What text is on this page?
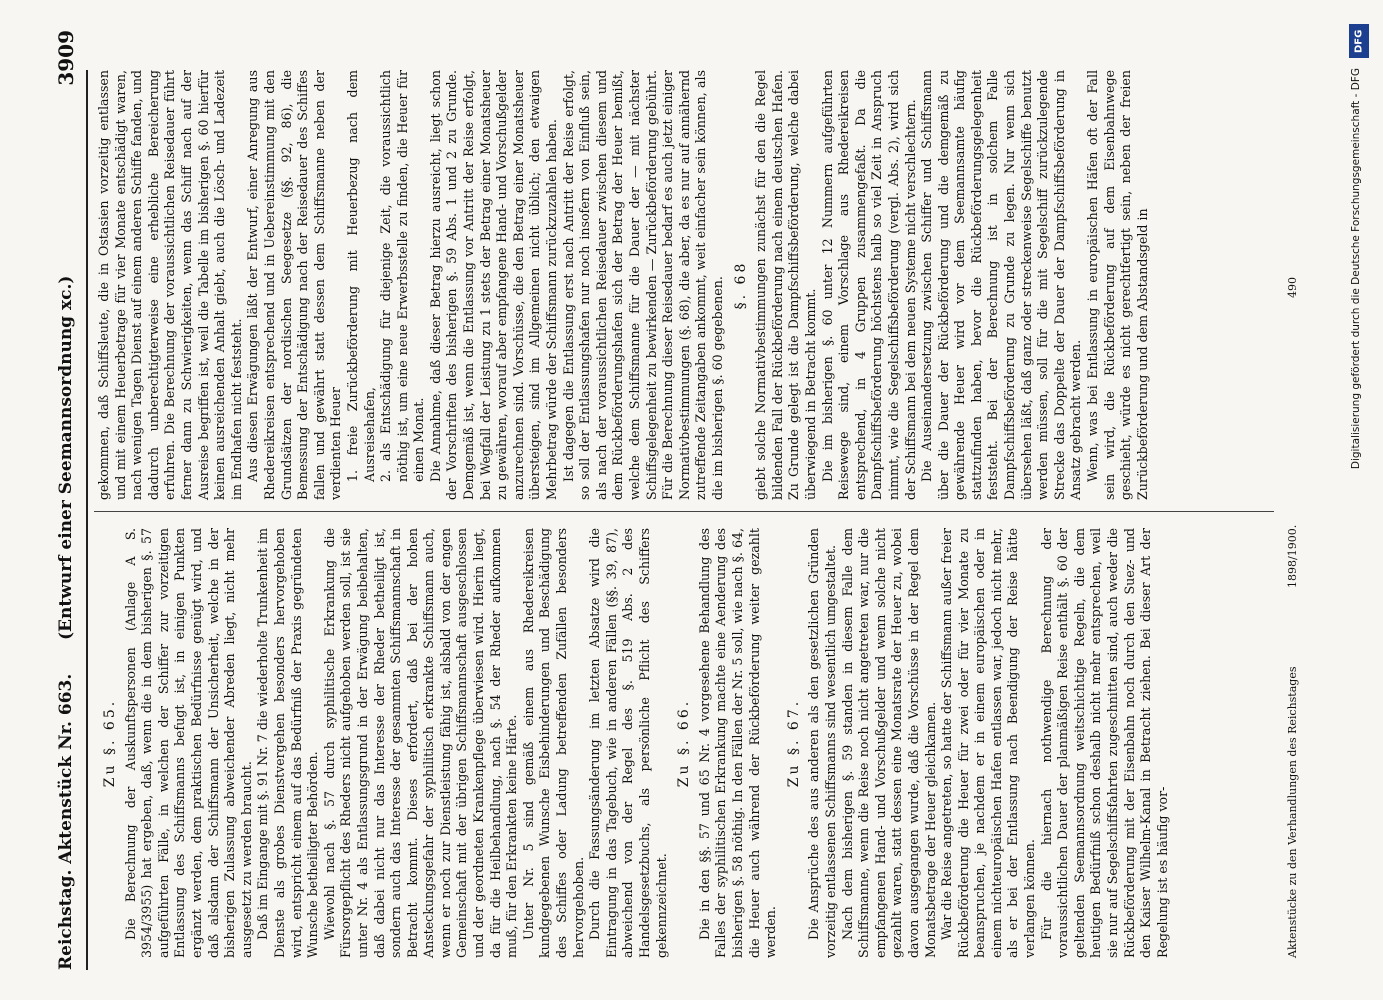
Reichstag. Aktenstück Nr. 663.
(Entwurf einer Seemannsordnung xc.)
3909
Zu §. 65. Die Berechnung der Auskunftspersonen (Anlage A S. 3954/3955) hat ergeben, daß, wenn die in dem bisherigen §. 57 aufgeführten Fälle, in welchen der Schiffer zur vorzeitigen Entlassung des Schiffsmanns befugt ist, in einigen Punkten ergänzt werden, dem praktischen Bedürfnisse genügt wird, und daß alsdann der Schiffsmann der Unsicherheit, welche in der bisherigen Zulassung abweichender Abreden liegt, nicht mehr ausgesetzt zu werden braucht. Daß im Eingange mit §. 91 Nr. 7 die wiederholte Trunkenheit im Dienste als grobes Dienstvergehen besonders hervorgehoben wird, entspricht einem auf das Bedürfniß der Praxis gegründeten Wunsche betheiligter Behörden. Wiewohl nach §. 57 durch syphilitische Erkrankung die Fürsorgepflicht des Rheders nicht aufgehoben werden soll, ist sie unter Nr. 4 als Entlassungsgrund in der Erwägung beibehalten, daß dabei nicht nur das Interesse der Rheder betheiligt ist, sondern auch das Interesse der gesammten Schiffsmannschaft in Betracht kommt. Dieses erfordert, daß bei der hohen Ansteckungsgefahr der syphilitisch erkrankte Schiffsmann auch, wenn er noch zur Dienstleistung fähig ist, alsbald von der engen Gemeinschaft mit der übrigen Schiffsmannschaft ausgeschlossen und der geordneten Krankenpflege überwiesen wird. Hierin liegt, da für die Heilbehandlung, nach §. 54 der Rheder aufkommen muß, für den Erkrankten keine Härte. Unter Nr. 5 sind gemäß einem aus Rhedereikreisen kundgegebenen Wunsche Eisbehinderungen und Beschädigung des Schiffes oder Ladung betreffenden Zufällen besonders hervorgehoben. Durch die Fassungsänderung im letzten Absatze wird die Eintragung in das Tagebuch, wie in anderen Fällen (§§. 39, 87), abweichend von der Regel des §. 519 Abs. 2 des Handelsgesetzbuchs, als persönliche Pflicht des Schiffers gekennzeichnet.

Zu §. 66. Die in den §§. 57 und 65 Nr. 4 vorgesehene Behandlung des Falles der syphilitischen Erkrankung machte eine Aenderung des bisherigen §. 58 nöthig. In den Fällen der Nr. 5 soll, wie nach §. 64, die Heuer auch während der Rückbeförderung weiter gezahlt werden.

Zu §. 67. Die Ansprüche des aus anderen als den gesetzlichen Gründen vorzeitig entlassenen Schiffsmanns sind wesentlich umgestaltet. Nach dem bisherigen §. 59 standen in diesem Falle dem Schiffsmanne, wenn die Reise noch nicht angetreten war, nur die empfangenen Hand- und Vorschußgelder und wenn solche nicht gezahlt waren, statt dessen eine Monatsrate der Heuer zu, wobei davon ausgegangen wurde, daß die Vorschüsse in der Regel dem Monatsbetrage der Heuer gleichkamen. War die Reise angetreten, so hatte der Schiffsmann außer freier Rückbeförderung die Heuer für zwei oder für vier Monate zu beanspruchen, je nachdem er in einem europäischen oder in einem nichteuropäischen Hafen entlassen war, jedoch nicht mehr, als er bei der Entlassung nach Beendigung der Reise hätte verlangen können. Für die hiernach nothwendige Berechnung der voraussichtlichen Dauer der planmäßigen Reise enthält §. 60 der geltenden Seemannsordnung weitschichtige Regeln, die dem heutigen Bedürfniß schon deshalb nicht mehr entsprechen, weil sie nur auf Segelschiffsfahrten zugeschnitten sind, auch weder die Rückbeförderung mit der Eisenbahn noch durch den Suez- und den Kaiser Wilhelm-Kanal in Betracht ziehen. Bei dieser Art der Regelung ist es häufig vor-

gekommen, daß Schiffsleute, die in Ostasien vorzeitig entlassen und mit einem Heuerbetrage für vier Monate entschädigt waren, nach wenigen Tagen Dienst auf einem anderen Schiffe fanden, und dadurch unberechtigterweise eine erhebliche Bereicherung erfuhren. Die Berechnung der voraussichtlichen Reisedauer führt ferner dann zu Schwierigkeiten, wenn das Schiff nach auf der Ausreise begriffen ist, weil die Tabelle im bisherigen §. 60 hierfür keinen ausreichenden Anhalt giebt, auch die Lösch- und Ladezeit im Endhafen nicht feststeht. Aus diesen Erwägungen läßt der Entwurf, einer Anregung aus Rhedereikreisen entsprechend und in Uebereinstimmung mit den Grundsätzen der nordischen Seegesetze (§§. 92, 86), die Bemessung der Entschädigung nach der Reisedauer des Schiffes fallen und gewährt statt dessen dem Schiffsmanne neben der verdienten Heuer 1. freie Zurückbeförderung mit Heuerbezug nach dem Ausreisehafen, 2. als Entschädigung für diejenige Zeit, die voraussichtlich nöthig ist, um eine neue Erwerbsstelle zu finden, die Heuer für einen Monat. Die Annahme, daß dieser Betrag hierzu ausreicht, liegt schon der Vorschriften des bisherigen §. 59 Abs. 1 und 2 zu Grunde. Demgemäß ist, wenn die Entlassung vor Antritt der Reise erfolgt, bei Wegfall der Leistung zu 1 stets der Betrag einer Monatsheuer zu gewähren, worauf aber empfangene Hand- und Vorschußgelder anzurechnen sind. Vorschüsse, die den Betrag einer Monatsheuer übersteigen, sind im Allgemeinen nicht üblich; den etwaigen Mehrbetrag würde der Schiffsmann zurückzuzahlen haben. Ist dagegen die Entlassung erst nach Antritt der Reise erfolgt, so soll der Entlassungshafen nur noch insofern von Einfluß sein, als nach der voraussichtlichen Reisedauer zwischen diesem und dem Rückbeförderungshafen sich der Betrag der Heuer bemißt, welche dem Schiffsmanne für die Dauer der — mit nächster Schiffsgelegenheit zu bewirkenden — Zurückbeförderung gebührt. Für die Berechnung dieser Reisedauer bedarf es auch jetzt einiger Normativbestimmungen (§. 68), die aber, da es nur auf annähernd zutreffende Zeitangaben ankommt, weit einfacher sein können, als die im bisherigen §. 60 gegebenen. §. 68 giebt solche Normativbestimmungen zunächst für den die Regel bildenden Fall der Rückbeförderung nach einem deutschen Hafen. Zu Grunde gelegt ist die Dampfschiffsbeförderung, welche dabei überwiegend in Betracht kommt. Die im bisherigen §. 60 unter 12 Nummern aufgeführten Reisewege sind, einem Vorschlage aus Rhedereikreisen entsprechend, in 4 Gruppen zusammengefaßt. Da die Dampfschiffsbeförderung höchstens halb so viel Zeit in Anspruch nimmt, wie die Segelschiffsbeförderung (vergl. Abs. 2), wird sich der Schiffsmann bei dem neuen Systeme nicht verschlechtern. Die Auseinandersetzung zwischen Schiffer und Schiffsmann über die Dauer der Rückbeförderung und die demgemäß zu gewährende Heuer wird vor dem Seemannsamte häufig stattzufinden haben, bevor die Rückbeförderungsgelegenheit feststeht. Bei der Berechnung ist in solchem Falle Dampfschiffsbeförderung zu Grunde zu legen. Nur wenn sich übersehen läßt, daß ganz oder streckenweise Segelschiffe benutzt werden müssen, soll für die mit Segelschiff zurückzulegende Strecke das Doppelte der Dauer der Dampfschiffsbeförderung in Ansatz gebracht werden. Wenn, was bei Entlassung in europäischen Häfen oft der Fall sein wird, die Rückbeförderung auf dem Eisenbahnwege geschieht, würde es nicht gerechtfertigt sein, neben der freien Zurückbeförderung und dem Abstandsgeld in

Aktenstücke zu den Verhandlungen des Reichstages
1898/1900.
490
DFG
Digitalisierung gefördert durch die Deutsche Forschungsgemeinschaft - DFG
